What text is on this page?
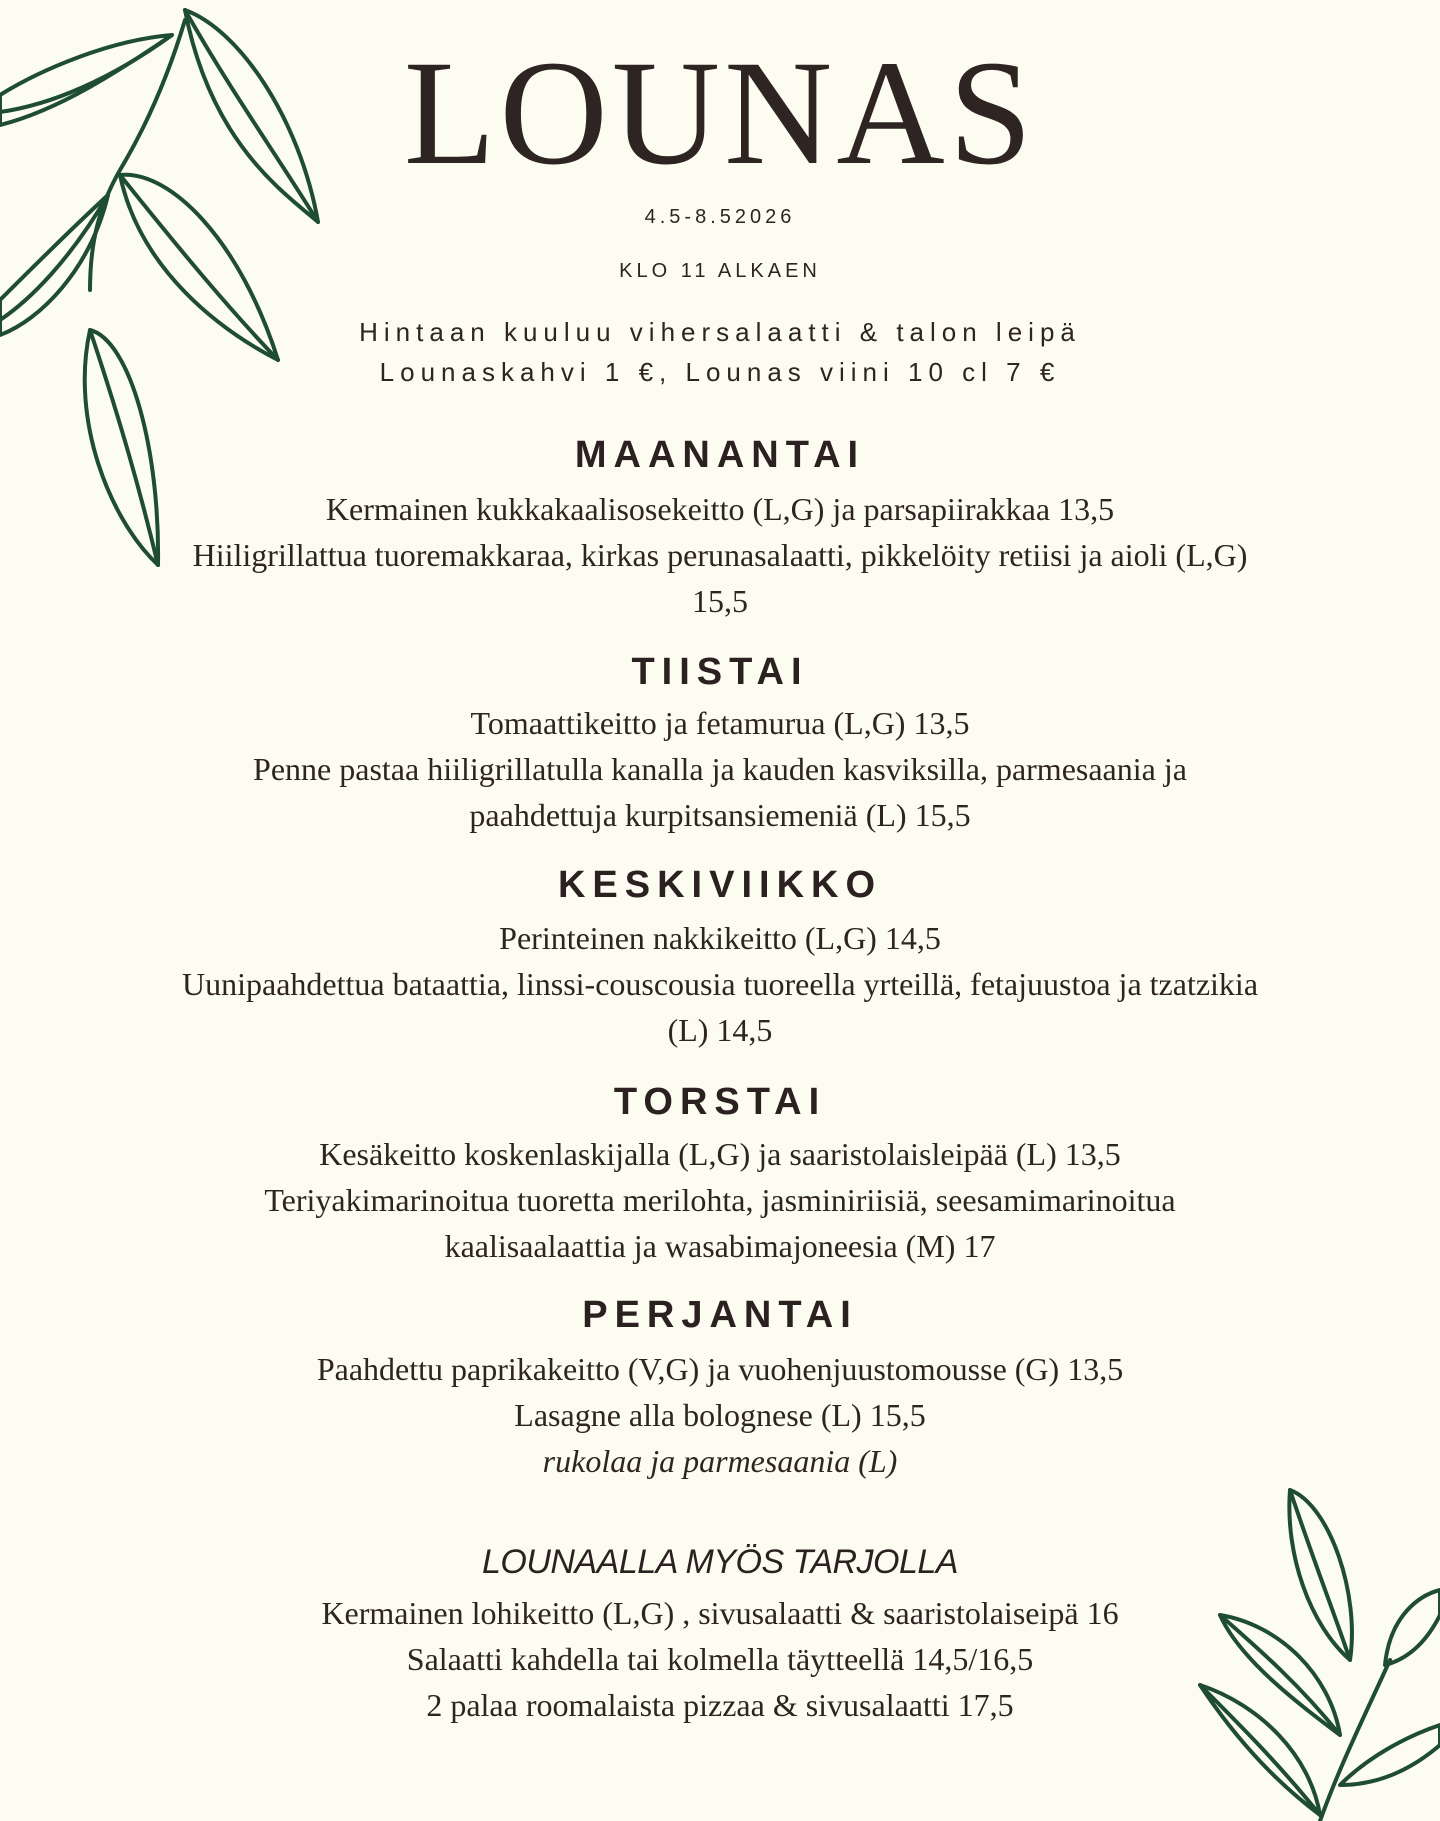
LOUNAS
4.5-8.52026
KLO 11 ALKAEN
Hintaan kuuluu vihersalaatti & talon leipä
Lounaskahvi 1 €, Lounas viini 10 cl 7 €
MAANANTAI

Kermainen kukkakaalisosekeitto (L,G) ja parsapiirakkaa 13,5

Hiiligrillattua tuoremakkaraa, kirkas perunasalaatti, pikkelöity retiisi ja aioli (L,G) 15,5

TIISTAI

Tomaattikeitto ja fetamurua (L,G) 13,5

Penne pastaa hiiligrillatulla kanalla ja kauden kasviksilla, parmesaania ja paahdettuja kurpitsansiemeniä (L) 15,5

KESKIVIIKKO

Perinteinen nakkikeitto (L,G) 14,5

Uunipaahdettua bataattia, linssi-couscousia tuoreella yrteillä, fetajuustoa ja tzatzikia (L) 14,5

TORSTAI

Kesäkeitto koskenlaskijalla (L,G) ja saaristolaisleipää (L) 13,5

Teriyakimarinoitua tuoretta merilohta, jasminiriisiä, seesamimarinoitua kaalisaalaattia ja wasabimajoneesia (M) 17

PERJANTAI

Paahdettu paprikakeitto (V,G) ja vuohenjuustomousse (G) 13,5

Lasagne alla bolognese (L) 15,5

rukolaa ja parmesaania (L)

LOUNAALLA MYÖS TARJOLLA

Kermainen lohikeitto (L,G) , sivusalaatti & saaristolaiseipä 16

Salaatti kahdella tai kolmella täytteellä 14,5/16,5

2 palaa roomalaista pizzaa & sivusalaatti 17,5
